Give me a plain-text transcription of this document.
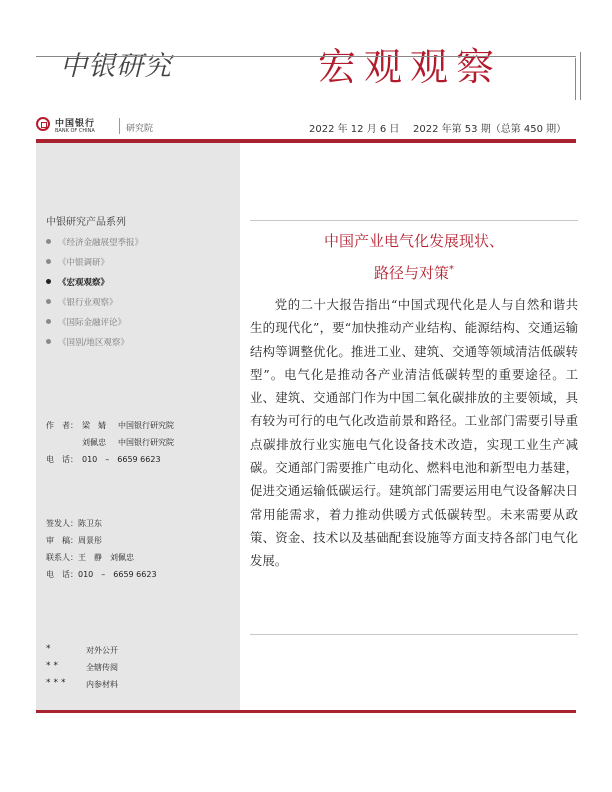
中银研究	宏观观察
中国银行
BANK OF CHINA	研究院	2022 年 12 月 6 日 2022 年第 53 期（总第 450 期）
中银研究产品系列
《经济金融展望季报》
《中银调研》
《宏观观察》
《银行业观察》
《国际金融评论》
《国别/地区观察》
作　者： 梁　婧 中国银行研究院
刘佩忠 中国银行研究院
电　话： 010　–　6659 6623
签发人：陈卫东
审　稿：周景彤
联系人：王　静　刘佩忠
电　话：010　–　6659 6623
*	对外公开
**	全辖传阅
*** 内参材料
中国产业电气化发展现状、
路径与对策*

党的二十大报告指出“中国式现代化是人与自然和谐共生的现代化”，要“加快推动产业结构、能源结构、交通运输结构等调整优化。推进工业、建筑、交通等领域清洁低碳转型”。电气化是推动各产业清洁低碳转型的重要途径。工业、建筑、交通部门作为中国二氧化碳排放的主要领域，具有较为可行的电气化改造前景和路径。工业部门需要引导重点碳排放行业实施电气化设备技术改造，实现工业生产减碳。交通部门需要推广电动化、燃料电池和新型电力基建，促进交通运输低碳运行。建筑部门需要运用电气设备解决日常用能需求，着力推动供暖方式低碳转型。未来需要从政策、资金、技术以及基础配套设施等方面支持各部门电气化发展。
